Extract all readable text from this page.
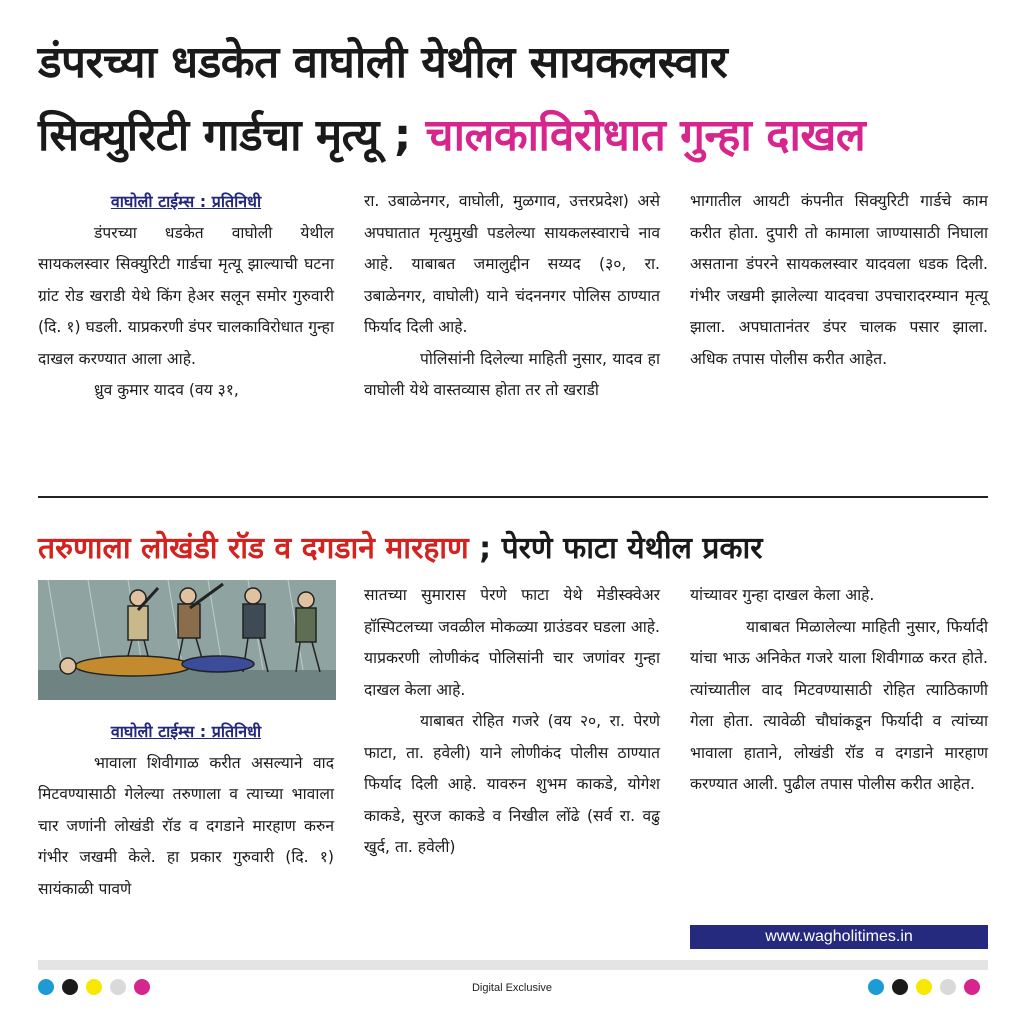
डंपरच्या धडकेत वाघोली येथील सायकलस्वार
सिक्युरिटी गार्डचा मृत्यू ; चालकाविरोधात गुन्हा दाखल
वाघोली टाईम्स : प्रतिनिधी

डंपरच्या धडकेत वाघोली येथील सायकलस्वार सिक्युरिटी गार्डचा मृत्यू झाल्याची घटना ग्रांट रोड खराडी येथे किंग हेअर सलून समोर गुरुवारी (दि. १) घडली. याप्रकरणी डंपर चालकाविरोधात गुन्हा दाखल करण्यात आला आहे.

ध्रुव कुमार यादव (वय ३१,

रा. उबाळेनगर, वाघोली, मुळगाव, उत्तरप्रदेश) असे अपघातात मृत्युमुखी पडलेल्या सायकलस्वाराचे नाव आहे. याबाबत जमालुद्दीन सय्यद (३०, रा. उबाळेनगर, वाघोली) याने चंदननगर पोलिस ठाण्यात फिर्याद दिली आहे.

पोलिसांनी दिलेल्या माहिती नुसार, यादव हा वाघोली येथे वास्तव्यास होता तर तो खराडी

भागातील आयटी कंपनीत सिक्युरिटी गार्डचे काम करीत होता. दुपारी तो कामाला जाण्यासाठी निघाला असताना डंपरने सायकलस्वार यादवला धडक दिली. गंभीर जखमी झालेल्या यादवचा उपचारादरम्यान मृत्यू झाला. अपघातानंतर डंपर चालक पसार झाला. अधिक तपास पोलीस करीत आहेत.

तरुणाला लोखंडी रॉड व दगडाने मारहाण ; पेरणे फाटा येथील प्रकार
वाघोली टाईम्स : प्रतिनिधी

भावाला शिवीगाळ करीत असल्याने वाद मिटवण्यासाठी गेलेल्या तरुणाला व त्याच्या भावाला चार जणांनी लोखंडी रॉड व दगडाने मारहाण करुन गंभीर जखमी केले. हा प्रकार गुरुवारी (दि. १) सायंकाळी पावणे

सातच्या सुमारास पेरणे फाटा येथे मेडीस्क्वेअर हॉस्पिटलच्या जवळील मोकळ्या ग्राउंडवर घडला आहे. याप्रकरणी लोणीकंद पोलिसांनी चार जणांवर गुन्हा दाखल केला आहे.

याबाबत रोहित गजरे (वय २०, रा. पेरणे फाटा, ता. हवेली) याने लोणीकंद पोलीस ठाण्यात फिर्याद दिली आहे. यावरुन शुभम काकडे, योगेश काकडे, सुरज काकडे व निखील लोंढे (सर्व रा. वढु खुर्द, ता. हवेली)

यांच्यावर गुन्हा दाखल केला आहे.

याबाबत मिळालेल्या माहिती नुसार, फिर्यादी यांचा भाऊ अनिकेत गजरे याला शिवीगाळ करत होते. त्यांच्यातील वाद मिटवण्यासाठी रोहित त्याठिकाणी गेला होता. त्यावेळी चौघांकडून फिर्यादी व त्यांच्या भावाला हाताने, लोखंडी रॉड व दगडाने मारहाण करण्यात आली. पुढील तपास पोलीस करीत आहेत.

www.wagholitimes.in
Digital Exclusive
